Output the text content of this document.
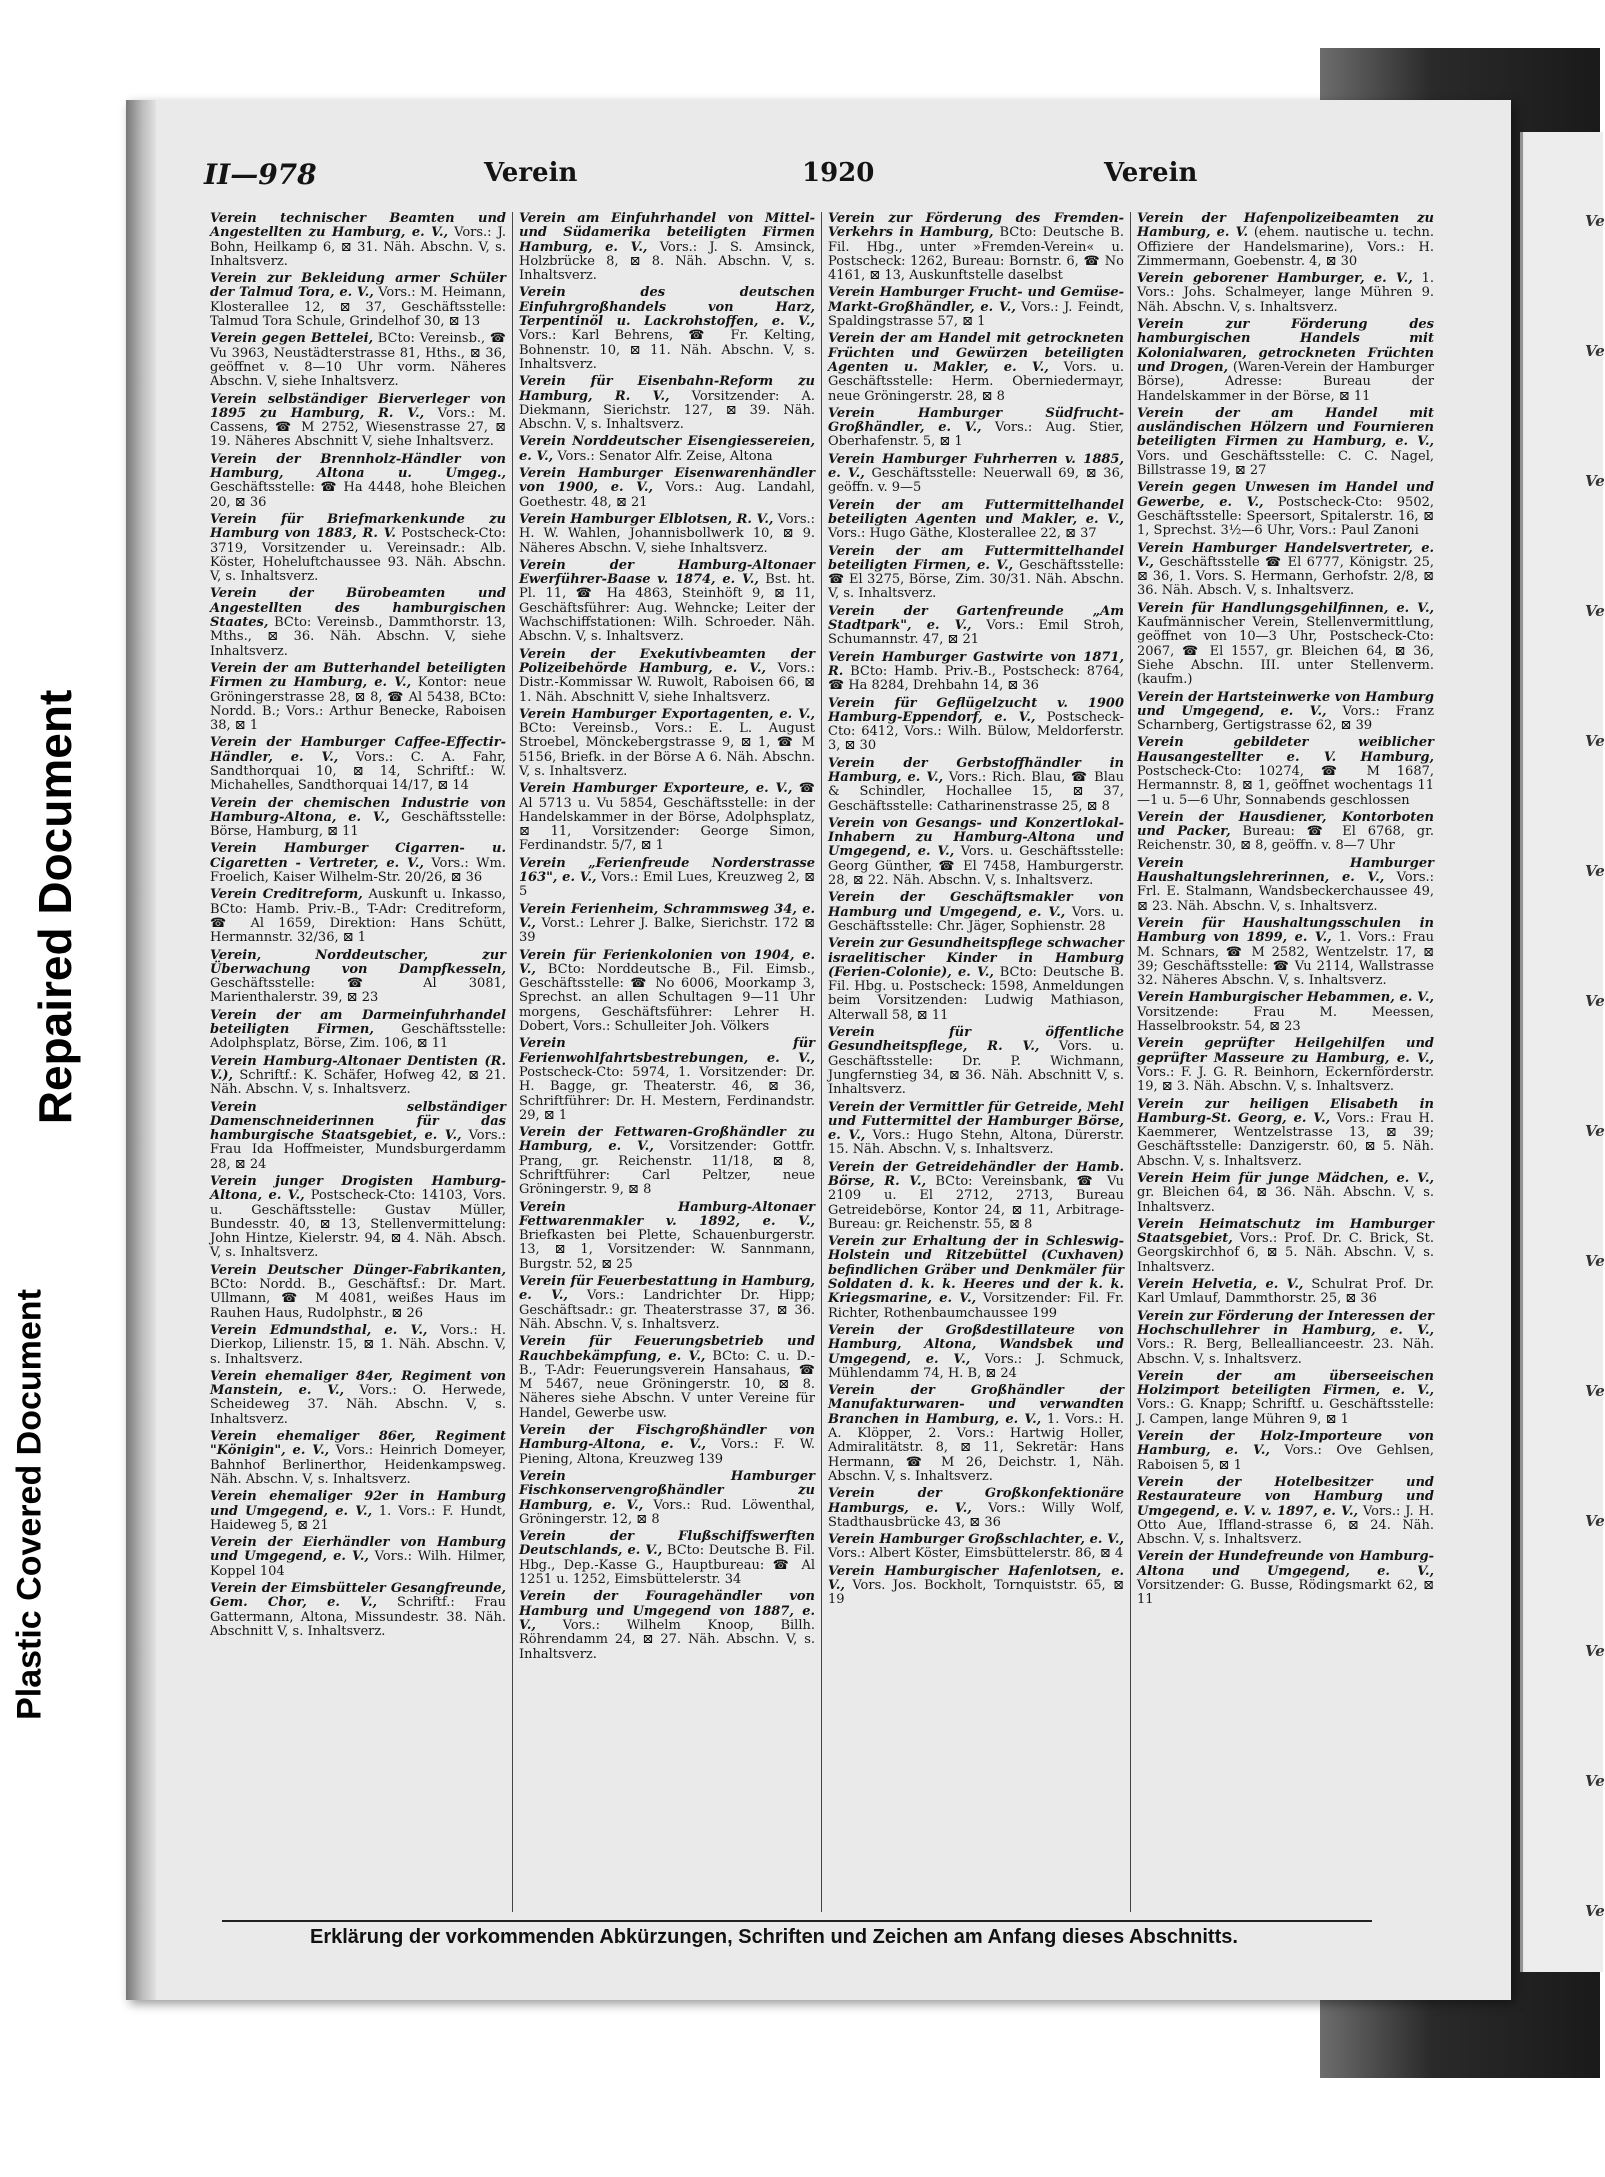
Repaired Document
Plastic Covered Document
Ve
Ve
Ve
Ve
Ve
Ve
Ve
Ve
Ve
Ve
Ve
Ve
Ve
Ve
II—978	Verein	1920	Verein

Verein technischer Beamten und Angestellten zu Hamburg, e. V., Vors.: J. Bohn, Heilkamp 6, ⊠ 31. Näh. Abschn. V, s. Inhaltsverz.

Verein zur Bekleidung armer Schüler der Talmud Tora, e. V., Vors.: M. Heimann, Klosterallee 12, ⊠ 37, Geschäftsstelle: Talmud Tora Schule, Grindelhof 30, ⊠ 13

Verein gegen Bettelei, BCto: Vereinsb., ☎ Vu 3963, Neustädterstrasse 81, Hths., ⊠ 36, geöffnet v. 8—10 Uhr vorm. Näheres Abschn. V, siehe Inhaltsverz.

Verein selbständiger Bierverleger von 1895 zu Hamburg, R. V., Vors.: M. Cassens, ☎ M 2752, Wiesenstrasse 27, ⊠ 19. Näheres Abschnitt V, siehe Inhaltsverz.

Verein der Brennholz-Händler von Hamburg, Altona u. Umgeg., Geschäftsstelle: ☎ Ha 4448, hohe Bleichen 20, ⊠ 36

Verein für Briefmarkenkunde zu Hamburg von 1883, R. V. Postscheck-Cto: 3719, Vorsitzender u. Vereinsadr.: Alb. Köster, Hoheluftchaussee 93. Näh. Abschn. V, s. Inhaltsverz.

Verein der Bürobeamten und Angestellten des hamburgischen Staates, BCto: Vereinsb., Dammthorstr. 13, Mths., ⊠ 36. Näh. Abschn. V, siehe Inhaltsverz.

Verein der am Butterhandel beteiligten Firmen zu Hamburg, e. V., Kontor: neue Gröningerstrasse 28, ⊠ 8, ☎ Al 5438, BCto: Nordd. B.; Vors.: Arthur Benecke, Raboisen 38, ⊠ 1

Verein der Hamburger Caffee-Effectir-Händler, e. V., Vors.: C. A. Fahr, Sandthorquai 10, ⊠ 14, Schriftf.: W. Michahelles, Sandthorquai 14/17, ⊠ 14

Verein der chemischen Industrie von Hamburg-Altona, e. V., Geschäftsstelle: Börse, Hamburg, ⊠ 11

Verein Hamburger Cigarren- u. Cigaretten - Vertreter, e. V., Vors.: Wm. Froelich, Kaiser Wilhelm-Str. 20/26, ⊠ 36

Verein Creditreform, Auskunft u. Inkasso, BCto: Hamb. Priv.-B., T-Adr: Creditreform, ☎ Al 1659, Direktion: Hans Schütt, Hermannstr. 32/36, ⊠ 1

Verein, Norddeutscher, zur Überwachung von Dampfkesseln, Geschäftsstelle: ☎ Al 3081, Marienthalerstr. 39, ⊠ 23

Verein der am Darmeinfuhrhandel beteiligten Firmen, Geschäftsstelle: Adolphsplatz, Börse, Zim. 106, ⊠ 11

Verein Hamburg-Altonaer Dentisten (R. V.), Schriftf.: K. Schäfer, Hofweg 42, ⊠ 21. Näh. Abschn. V, s. Inhaltsverz.

Verein selbständiger Damenschneiderinnen für das hamburgische Staatsgebiet, e. V., Vors.: Frau Ida Hoffmeister, Mundsburgerdamm 28, ⊠ 24

Verein junger Drogisten Hamburg-Altona, e. V., Postscheck-Cto: 14103, Vors. u. Geschäftsstelle: Gustav Müller, Bundesstr. 40, ⊠ 13, Stellenvermittelung: John Hintze, Kielerstr. 94, ⊠ 4. Näh. Absch. V, s. Inhaltsverz.

Verein Deutscher Dünger-Fabrikanten, BCto: Nordd. B., Geschäftsf.: Dr. Mart. Ullmann, ☎ M 4081, weißes Haus im Rauhen Haus, Rudolphstr., ⊠ 26

Verein Edmundsthal, e. V., Vors.: H. Dierkop, Lilienstr. 15, ⊠ 1. Näh. Abschn. V, s. Inhaltsverz.

Verein ehemaliger 84er, Regiment von Manstein, e. V., Vors.: O. Herwede, Scheideweg 37. Näh. Abschn. V, s. Inhaltsverz.

Verein ehemaliger 86er, Regiment "Königin", e. V., Vors.: Heinrich Domeyer, Bahnhof Berlinerthor, Heidenkampsweg. Näh. Abschn. V, s. Inhaltsverz.

Verein ehemaliger 92er in Hamburg und Umgegend, e. V., 1. Vors.: F. Hundt, Haideweg 5, ⊠ 21

Verein der Eierhändler von Hamburg und Umgegend, e. V., Vors.: Wilh. Hilmer, Koppel 104

Verein der Eimsbütteler Gesangfreunde, Gem. Chor, e. V., Schriftf.: Frau Gattermann, Altona, Missundestr. 38. Näh. Abschnitt V, s. Inhaltsverz.

Verein am Einfuhrhandel von Mittel- und Südamerika beteiligten Firmen Hamburg, e. V., Vors.: J. S. Amsinck, Holzbrücke 8, ⊠ 8. Näh. Abschn. V, s. Inhaltsverz.

Verein des deutschen Einfuhrgroßhandels von Harz, Terpentinöl u. Lackrohstoffen, e. V., Vors.: Karl Behrens, ☎ Fr. Kelting, Bohnenstr. 10, ⊠ 11. Näh. Abschn. V, s. Inhaltsverz.

Verein für Eisenbahn-Reform zu Hamburg, R. V., Vorsitzender: A. Diekmann, Sierichstr. 127, ⊠ 39. Näh. Abschn. V, s. Inhaltsverz.

Verein Norddeutscher Eisengiessereien, e. V., Vors.: Senator Alfr. Zeise, Altona

Verein Hamburger Eisenwarenhändler von 1900, e. V., Vors.: Aug. Landahl, Goethestr. 48, ⊠ 21

Verein Hamburger Elblotsen, R. V., Vors.: H. W. Wahlen, Johannisbollwerk 10, ⊠ 9. Näheres Abschn. V, siehe Inhaltsverz.

Verein der Hamburg-Altonaer Ewerführer-Baase v. 1874, e. V., Bst. ht. Pl. 11, ☎ Ha 4863, Steinhöft 9, ⊠ 11, Geschäftsführer: Aug. Wehncke; Leiter der Wachschiffstationen: Wilh. Schroeder. Näh. Abschn. V, s. Inhaltsverz.

Verein der Exekutivbeamten der Polizeibehörde Hamburg, e. V., Vors.: Distr.-Kommissar W. Ruwolt, Raboisen 66, ⊠ 1. Näh. Abschnitt V, siehe Inhaltsverz.

Verein Hamburger Exportagenten, e. V., BCto: Vereinsb., Vors.: E. L. August Stroebel, Mönckebergstrasse 9, ⊠ 1, ☎ M 5156, Briefk. in der Börse A 6. Näh. Abschn. V, s. Inhaltsverz.

Verein Hamburger Exporteure, e. V., ☎ Al 5713 u. Vu 5854, Geschäftsstelle: in der Handelskammer in der Börse, Adolphsplatz, ⊠ 11, Vorsitzender: George Simon, Ferdinandstr. 5/7, ⊠ 1

Verein „Ferienfreude Norderstrasse 163", e. V., Vors.: Emil Lues, Kreuzweg 2, ⊠ 5

Verein Ferienheim, Schrammsweg 34, e. V., Vorst.: Lehrer J. Balke, Sierichstr. 172 ⊠ 39

Verein für Ferienkolonien von 1904, e. V., BCto: Norddeutsche B., Fil. Eimsb., Geschäftsstelle: ☎ No 6006, Moorkamp 3, Sprechst. an allen Schultagen 9—11 Uhr morgens, Geschäftsführer: Lehrer H. Dobert, Vors.: Schulleiter Joh. Völkers

Verein für Ferienwohlfahrtsbestrebungen, e. V., Postscheck-Cto: 5974, 1. Vorsitzender: Dr. H. Bagge, gr. Theaterstr. 46, ⊠ 36, Schriftführer: Dr. H. Mestern, Ferdinandstr. 29, ⊠ 1

Verein der Fettwaren-Großhändler zu Hamburg, e. V., Vorsitzender: Gottfr. Prang, gr. Reichenstr. 11/18, ⊠ 8, Schriftführer: Carl Peltzer, neue Gröningerstr. 9, ⊠ 8

Verein Hamburg-Altonaer Fettwarenmakler v. 1892, e. V., Briefkasten bei Plette, Schauenburgerstr. 13, ⊠ 1, Vorsitzender: W. Sannmann, Burgstr. 52, ⊠ 25

Verein für Feuerbestattung in Hamburg, e. V., Vors.: Landrichter Dr. Hipp; Geschäftsadr.: gr. Theaterstrasse 37, ⊠ 36. Näh. Abschn. V, s. Inhaltsverz.

Verein für Feuerungsbetrieb und Rauchbekämpfung, e. V., BCto: C. u. D.-B., T-Adr: Feuerungsverein Hansahaus, ☎ M 5467, neue Gröningerstr. 10, ⊠ 8. Näheres siehe Abschn. V unter Vereine für Handel, Gewerbe usw.

Verein der Fischgroßhändler von Hamburg-Altona, e. V., Vors.: F. W. Piening, Altona, Kreuzweg 139

Verein Hamburger Fischkonservengroßhändler zu Hamburg, e. V., Vors.: Rud. Löwenthal, Gröningerstr. 12, ⊠ 8

Verein der Flußschiffswerften Deutschlands, e. V., BCto: Deutsche B. Fil. Hbg., Dep.-Kasse G., Hauptbureau: ☎ Al 1251 u. 1252, Eimsbüttelerstr. 34

Verein der Fouragehändler von Hamburg und Umgegend von 1887, e. V., Vors.: Wilhelm Knoop, Billh. Röhrendamm 24, ⊠ 27. Näh. Abschn. V, s. Inhaltsverz.

Verein zur Förderung des Fremden-Verkehrs in Hamburg, BCto: Deutsche B. Fil. Hbg., unter »Fremden-Verein« u. Postscheck: 1262, Bureau: Bornstr. 6, ☎ No 4161, ⊠ 13, Auskunftstelle daselbst

Verein Hamburger Frucht- und Gemüse-Markt-Großhändler, e. V., Vors.: J. Feindt, Spaldingstrasse 57, ⊠ 1

Verein der am Handel mit getrockneten Früchten und Gewürzen beteiligten Agenten u. Makler, e. V., Vors. u. Geschäftsstelle: Herm. Oberniedermayr, neue Gröningerstr. 28, ⊠ 8

Verein Hamburger Südfrucht-Großhändler, e. V., Vors.: Aug. Stier, Oberhafenstr. 5, ⊠ 1

Verein Hamburger Fuhrherren v. 1885, e. V., Geschäftsstelle: Neuerwall 69, ⊠ 36, geöffn. v. 9—5

Verein der am Futtermittelhandel beteiligten Agenten und Makler, e. V., Vors.: Hugo Gäthe, Klosterallee 22, ⊠ 37

Verein der am Futtermittelhandel beteiligten Firmen, e. V., Geschäftsstelle: ☎ El 3275, Börse, Zim. 30/31. Näh. Abschn. V, s. Inhaltsverz.

Verein der Gartenfreunde „Am Stadtpark", e. V., Vors.: Emil Stroh, Schumannstr. 47, ⊠ 21

Verein Hamburger Gastwirte von 1871, R. BCto: Hamb. Priv.-B., Postscheck: 8764, ☎ Ha 8284, Drehbahn 14, ⊠ 36

Verein für Geflügelzucht v. 1900 Hamburg-Eppendorf, e. V., Postscheck-Cto: 6412, Vors.: Wilh. Bülow, Meldorferstr. 3, ⊠ 30

Verein der Gerbstoffhändler in Hamburg, e. V., Vors.: Rich. Blau, ☎ Blau & Schindler, Hochallee 15, ⊠ 37, Geschäftsstelle: Catharinenstrasse 25, ⊠ 8

Verein von Gesangs- und Konzertlokal-Inhabern zu Hamburg-Altona und Umgegend, e. V., Vors. u. Geschäftsstelle: Georg Günther, ☎ El 7458, Hamburgerstr. 28, ⊠ 22. Näh. Abschn. V, s. Inhaltsverz.

Verein der Geschäftsmakler von Hamburg und Umgegend, e. V., Vors. u. Geschäftsstelle: Chr. Jäger, Sophienstr. 28

Verein zur Gesundheitspflege schwacher israelitischer Kinder in Hamburg (Ferien-Colonie), e. V., BCto: Deutsche B. Fil. Hbg. u. Postscheck: 1598, Anmeldungen beim Vorsitzenden: Ludwig Mathiason, Alterwall 58, ⊠ 11

Verein für öffentliche Gesundheitspflege, R. V., Vors. u. Geschäftsstelle: Dr. P. Wichmann, Jungfernstieg 34, ⊠ 36. Näh. Abschnitt V, s. Inhaltsverz.

Verein der Vermittler für Getreide, Mehl und Futtermittel der Hamburger Börse, e. V., Vors.: Hugo Stehn, Altona, Dürerstr. 15. Näh. Abschn. V, s. Inhaltsverz.

Verein der Getreidehändler der Hamb. Börse, R. V., BCto: Vereinsbank, ☎ Vu 2109 u. El 2712, 2713, Bureau Getreidebörse, Kontor 24, ⊠ 11, Arbitrage-Bureau: gr. Reichenstr. 55, ⊠ 8

Verein zur Erhaltung der in Schleswig-Holstein und Ritzebüttel (Cuxhaven) befindlichen Gräber und Denkmäler für Soldaten d. k. k. Heeres und der k. k. Kriegsmarine, e. V., Vorsitzender: Fil. Fr. Richter, Rothenbaumchaussee 199

Verein der Großdestillateure von Hamburg, Altona, Wandsbek und Umgegend, e. V., Vors.: J. Schmuck, Mühlendamm 74, H. B, ⊠ 24

Verein der Großhändler der Manufakturwaren- und verwandten Branchen in Hamburg, e. V., 1. Vors.: H. A. Klöpper, 2. Vors.: Hartwig Holler, Admiralitätstr. 8, ⊠ 11, Sekretär: Hans Hermann, ☎ M 26, Deichstr. 1, Näh. Abschn. V, s. Inhaltsverz.

Verein der Großkonfektionäre Hamburgs, e. V., Vors.: Willy Wolf, Stadthausbrücke 43, ⊠ 36

Verein Hamburger Großschlachter, e. V., Vors.: Albert Köster, Eimsbüttelerstr. 86, ⊠ 4

Verein Hamburgischer Hafenlotsen, e. V., Vors. Jos. Bockholt, Tornquiststr. 65, ⊠ 19

Verein der Hafenpolizeibeamten zu Hamburg, e. V. (ehem. nautische u. techn. Offiziere der Handelsmarine), Vors.: H. Zimmermann, Goebenstr. 4, ⊠ 30

Verein geborener Hamburger, e. V., 1. Vors.: Johs. Schalmeyer, lange Mühren 9. Näh. Abschn. V, s. Inhaltsverz.

Verein zur Förderung des hamburgischen Handels mit Kolonialwaren, getrockneten Früchten und Drogen, (Waren-Verein der Hamburger Börse), Adresse: Bureau der Handelskammer in der Börse, ⊠ 11

Verein der am Handel mit ausländischen Hölzern und Fournieren beteiligten Firmen zu Hamburg, e. V., Vors. und Geschäftsstelle: C. C. Nagel, Billstrasse 19, ⊠ 27

Verein gegen Unwesen im Handel und Gewerbe, e. V., Postscheck-Cto: 9502, Geschäftsstelle: Speersort, Spitalerstr. 16, ⊠ 1, Sprechst. 3½—6 Uhr, Vors.: Paul Zanoni

Verein Hamburger Handelsvertreter, e. V., Geschäftsstelle ☎ El 6777, Königstr. 25, ⊠ 36, 1. Vors. S. Hermann, Gerhofstr. 2/8, ⊠ 36. Näh. Absch. V, s. Inhaltsverz.

Verein für Handlungsgehilfinnen, e. V., Kaufmännischer Verein, Stellenvermittlung, geöffnet von 10—3 Uhr, Postscheck-Cto: 2067, ☎ El 1557, gr. Bleichen 64, ⊠ 36, Siehe Abschn. III. unter Stellenverm. (kaufm.)

Verein der Hartsteinwerke von Hamburg und Umgegend, e. V., Vors.: Franz Scharnberg, Gertigstrasse 62, ⊠ 39

Verein gebildeter weiblicher Hausangestellter e. V. Hamburg, Postscheck-Cto: 10274, ☎ M 1687, Hermannstr. 8, ⊠ 1, geöffnet wochentags 11—1 u. 5—6 Uhr, Sonnabends geschlossen

Verein der Hausdiener, Kontorboten und Packer, Bureau: ☎ El 6768, gr. Reichenstr. 30, ⊠ 8, geöffn. v. 8—7 Uhr

Verein Hamburger Haushaltungslehrerinnen, e. V., Vors.: Frl. E. Stalmann, Wandsbeckerchaussee 49, ⊠ 23. Näh. Abschn. V, s. Inhaltsverz.

Verein für Haushaltungsschulen in Hamburg von 1899, e. V., 1. Vors.: Frau M. Schnars, ☎ M 2582, Wentzelstr. 17, ⊠ 39; Geschäftsstelle: ☎ Vu 2114, Wallstrasse 32. Näheres Abschn. V, s. Inhaltsverz.

Verein Hamburgischer Hebammen, e. V., Vorsitzende: Frau M. Meessen, Hasselbrookstr. 54, ⊠ 23

Verein geprüfter Heilgehilfen und geprüfter Masseure zu Hamburg, e. V., Vors.: F. J. G. R. Beinhorn, Eckernförderstr. 19, ⊠ 3. Näh. Abschn. V, s. Inhaltsverz.

Verein zur heiligen Elisabeth in Hamburg-St. Georg, e. V., Vors.: Frau H. Kaemmerer, Wentzelstrasse 13, ⊠ 39; Geschäftsstelle: Danzigerstr. 60, ⊠ 5. Näh. Abschn. V, s. Inhaltsverz.

Verein Heim für junge Mädchen, e. V., gr. Bleichen 64, ⊠ 36. Näh. Abschn. V, s. Inhaltsverz.

Verein Heimatschutz im Hamburger Staatsgebiet, Vors.: Prof. Dr. C. Brick, St. Georgskirchhof 6, ⊠ 5. Näh. Abschn. V, s. Inhaltsverz.

Verein Helvetia, e. V., Schulrat Prof. Dr. Karl Umlauf, Dammthorstr. 25, ⊠ 36

Verein zur Förderung der Interessen der Hochschullehrer in Hamburg, e. V., Vors.: R. Berg, Belleallianceestr. 23. Näh. Abschn. V, s. Inhaltsverz.

Verein der am überseeischen Holzimport beteiligten Firmen, e. V., Vors.: G. Knapp; Schriftf. u. Geschäftsstelle: J. Campen, lange Mühren 9, ⊠ 1

Verein der Holz-Importeure von Hamburg, e. V., Vors.: Ove Gehlsen, Raboisen 5, ⊠ 1

Verein der Hotelbesitzer und Restaurateure von Hamburg und Umgegend, e. V. v. 1897, e. V., Vors.: J. H. Otto Aue, Iffland-strasse 6, ⊠ 24. Näh. Abschn. V, s. Inhaltsverz.

Verein der Hundefreunde von Hamburg-Altona und Umgegend, e. V., Vorsitzender: G. Busse, Rödingsmarkt 62, ⊠ 11

Erklärung der vorkommenden Abkürzungen, Schriften und Zeichen am Anfang dieses Abschnitts.
